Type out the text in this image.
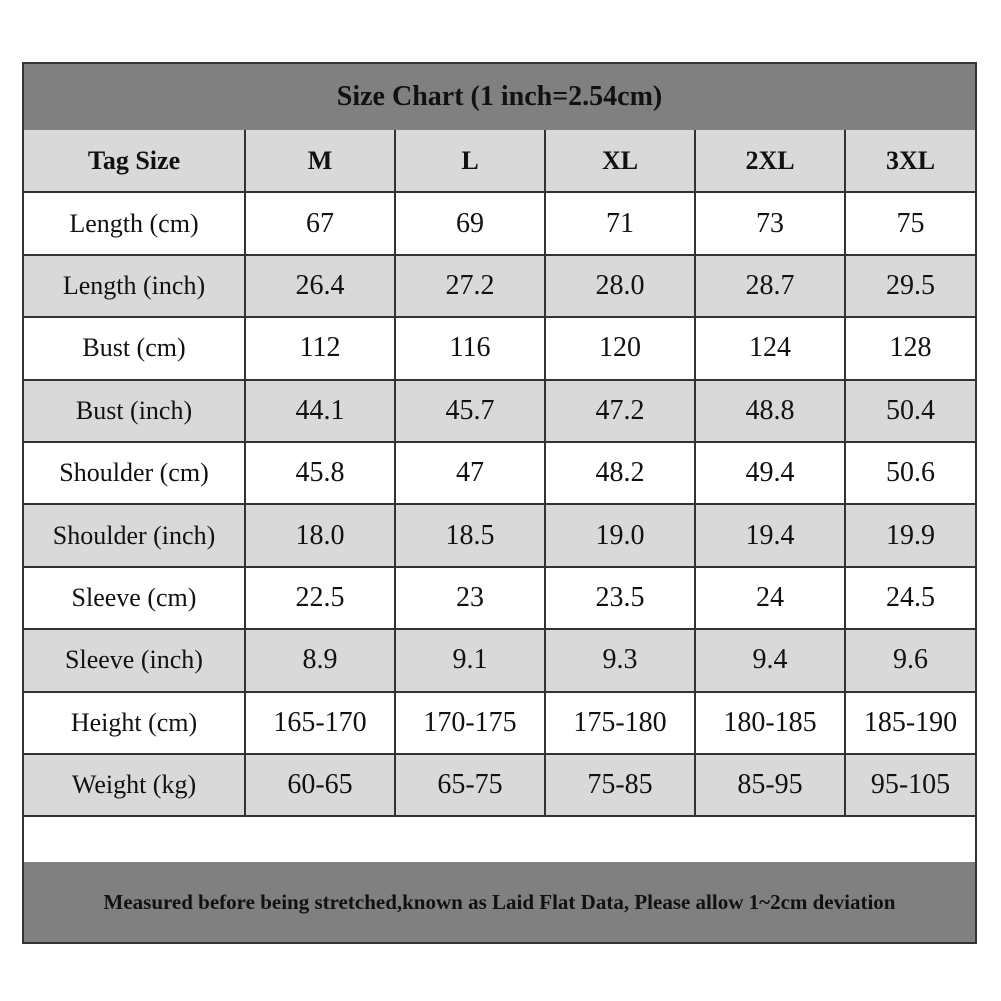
Size Chart (1 inch=2.54cm)
Tag Size	M	L	XL	2XL	3XL
Length (cm)	67	69	71	73	75
Length (inch)	26.4	27.2	28.0	28.7	29.5
Bust (cm)	112	116	120	124	128
Bust (inch)	44.1	45.7	47.2	48.8	50.4
Shoulder (cm)	45.8	47	48.2	49.4	50.6
Shoulder (inch)	18.0	18.5	19.0	19.4	19.9
Sleeve (cm)	22.5	23	23.5	24	24.5
Sleeve (inch)	8.9	9.1	9.3	9.4	9.6
Height (cm)	165-170	170-175	175-180	180-185	185-190
Weight (kg)	60-65	65-75	75-85	85-95	95-105
Measured before being stretched,known as Laid Flat Data, Please allow 1~2cm deviation
